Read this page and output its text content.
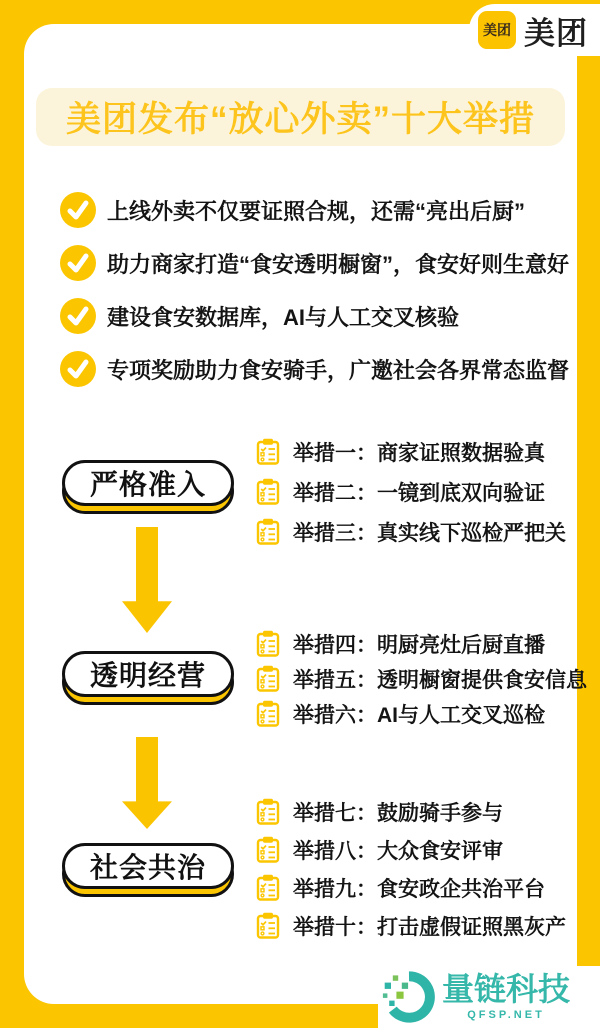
美团发布“放心外卖”十大举措
上线外卖不仅要证照合规，还需“亮出后厨”
助力商家打造“食安透明橱窗”，食安好则生意好
建设食安数据库，AI与人工交叉核验
专项奖励助力食安骑手，广邀社会各界常态监督
严格准入
透明经营
社会共治
举措一：商家证照数据验真
举措二：一镜到底双向验证
举措三：真实线下巡检严把关
举措四：明厨亮灶后厨直播
举措五：透明橱窗提供食安信息
举措六：AI与人工交叉巡检
举措七：鼓励骑手参与
举措八：大众食安评审
举措九：食安政企共治平台
举措十：打击虚假证照黑灰产
美团 美团
量链科技
QFSP.NET
